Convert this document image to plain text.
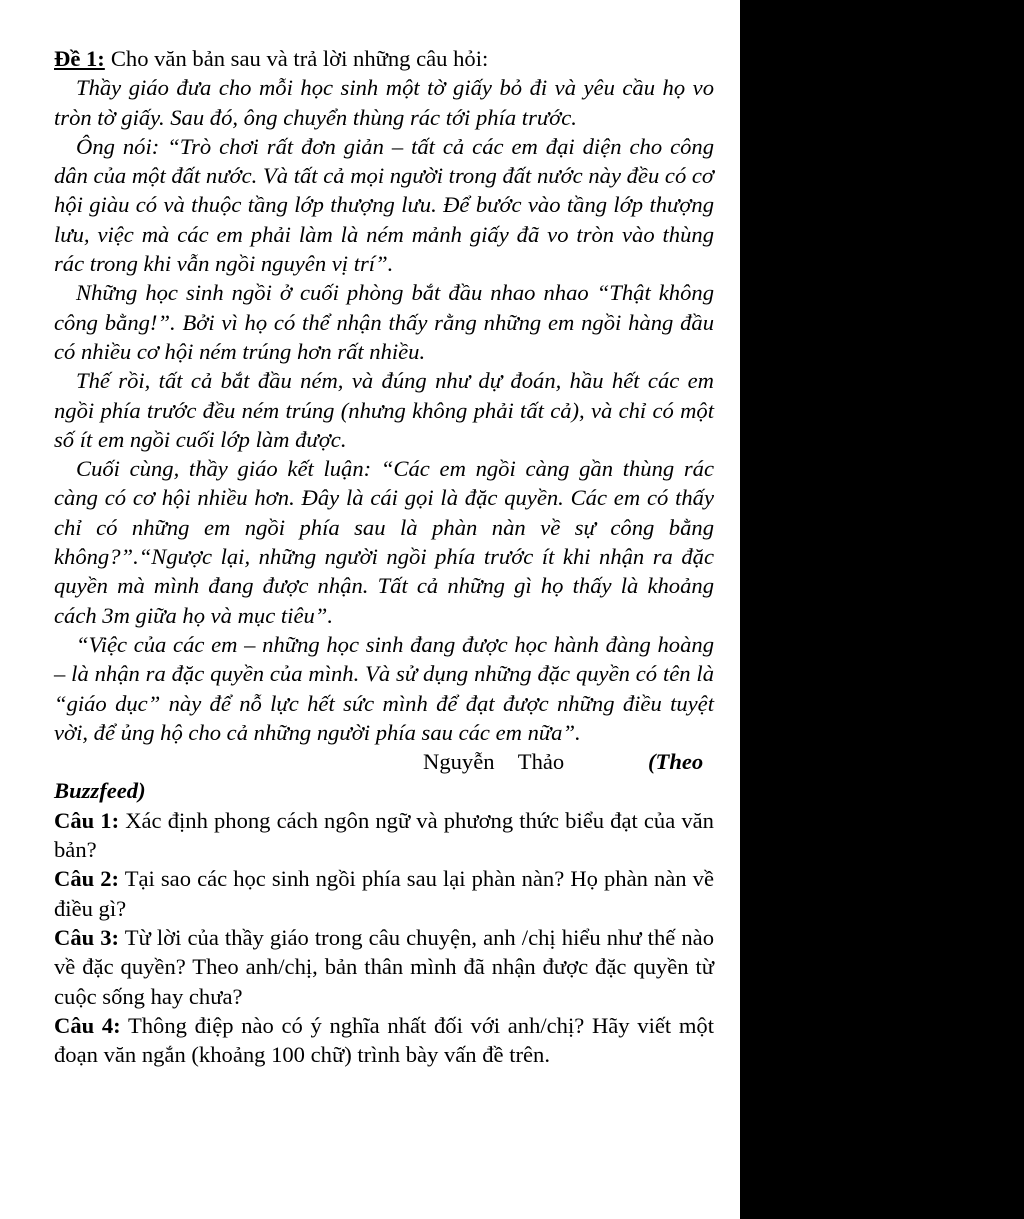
Đề 1: Cho văn bản sau và trả lời những câu hỏi:

Thầy giáo đưa cho mỗi học sinh một tờ giấy bỏ đi và yêu cầu họ vo tròn tờ giấy. Sau đó, ông chuyển thùng rác tới phía trước.

Ông nói: “Trò chơi rất đơn giản – tất cả các em đại diện cho công dân của một đất nước. Và tất cả mọi người trong đất nước này đều có cơ hội giàu có và thuộc tầng lớp thượng lưu. Để bước vào tầng lớp thượng lưu, việc mà các em phải làm là ném mảnh giấy đã vo tròn vào thùng rác trong khi vẫn ngồi nguyên vị trí”.

Những học sinh ngồi ở cuối phòng bắt đầu nhao nhao “Thật không công bằng!”. Bởi vì họ có thể nhận thấy rằng những em ngồi hàng đầu có nhiều cơ hội ném trúng hơn rất nhiều.

Thế rồi, tất cả bắt đầu ném, và đúng như dự đoán, hầu hết các em ngồi phía trước đều ném trúng (nhưng không phải tất cả), và chỉ có một số ít em ngồi cuối lớp làm được.

Cuối cùng, thầy giáo kết luận: “Các em ngồi càng gần thùng rác càng có cơ hội nhiều hơn. Đây là cái gọi là đặc quyền. Các em có thấy chỉ có những em ngồi phía sau là phàn nàn về sự công bằng không?”.“Ngược lại, những người ngồi phía trước ít khi nhận ra đặc quyền mà mình đang được nhận. Tất cả những gì họ thấy là khoảng cách 3m giữa họ và mục tiêu”.

“Việc của các em – những học sinh đang được học hành đàng hoàng – là nhận ra đặc quyền của mình. Và sử dụng những đặc quyền có tên là “giáo dục” này để nỗ lực hết sức mình để đạt được những điều tuyệt vời, để ủng hộ cho cả những người phía sau các em nữa”.

Nguyễn Thảo	(Theo
Buzzfeed)

Câu 1: Xác định phong cách ngôn ngữ và phương thức biểu đạt của văn bản?

Câu 2: Tại sao các học sinh ngồi phía sau lại phàn nàn? Họ phàn nàn về điều gì?

Câu 3: Từ lời của thầy giáo trong câu chuyện, anh /chị hiểu như thế nào về đặc quyền? Theo anh/chị, bản thân mình đã nhận được đặc quyền từ cuộc sống hay chưa?

Câu 4: Thông điệp nào có ý nghĩa nhất đối với anh/chị? Hãy viết một đoạn văn ngắn (khoảng 100 chữ) trình bày vấn đề trên.
